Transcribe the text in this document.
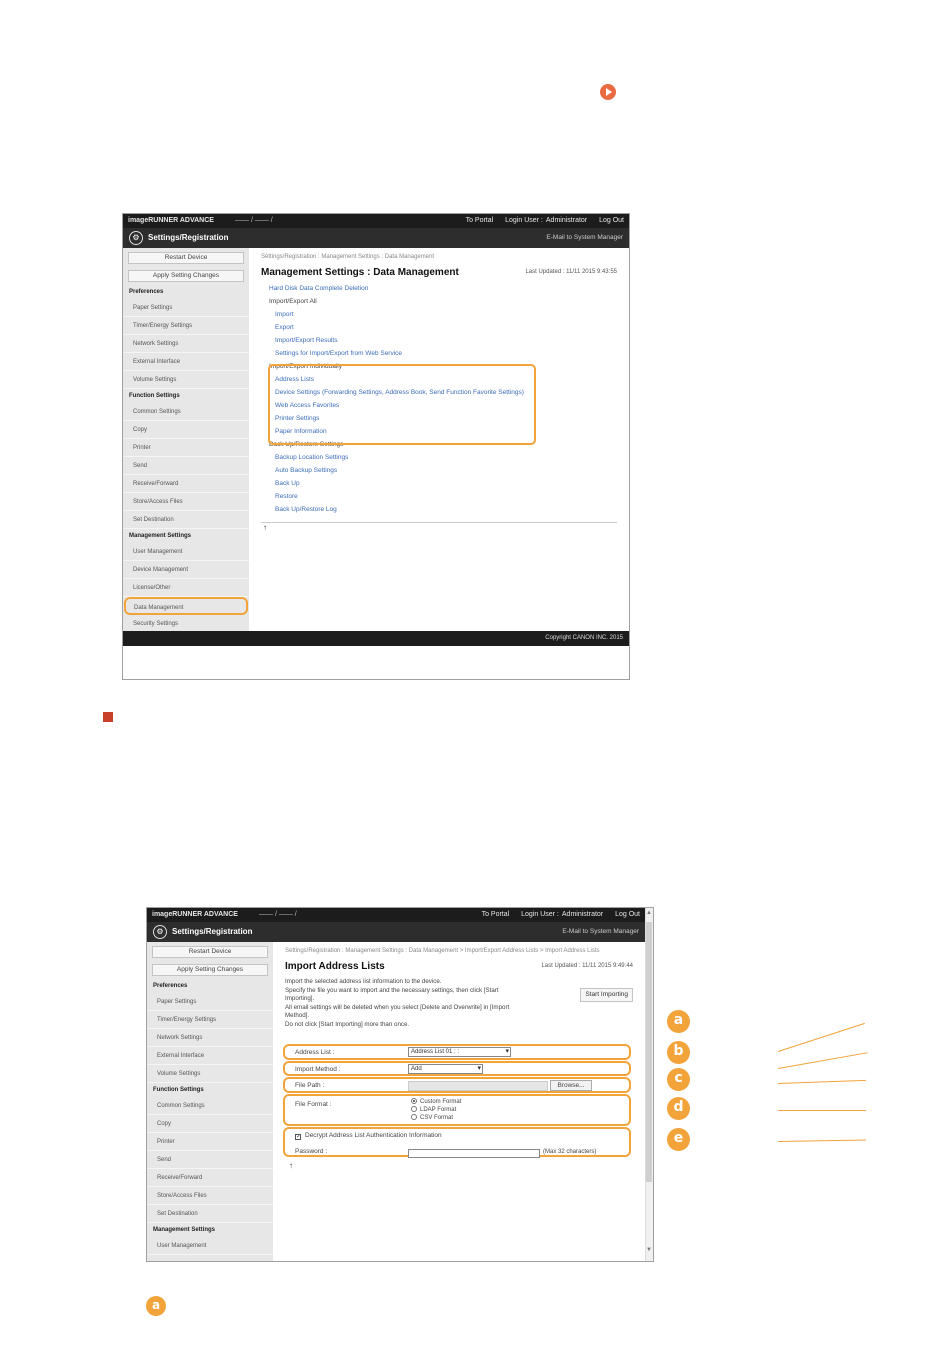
imageRUNNER ADVANCE	—— / —— /	To Portal Login User : Administrator Log Out
⚙	Settings/Registration	E-Mail to System Manager
Restart Device
Apply Setting Changes
Preferences
Paper Settings
Timer/Energy Settings
Network Settings
External Interface
Volume Settings
Function Settings
Common Settings
Copy
Printer
Send
Receive/Forward
Store/Access Files
Set Destination
Management Settings
User Management
Device Management
License/Other
Data Management
Security Settings
Settings/Registration : Management Settings : Data Management
Management Settings : Data Management	Last Updated : 11/11 2015 9:43:55
Hard Disk Data Complete Deletion
Import/Export All
Import
Export
Import/Export Results
Settings for Import/Export from Web Service
Import/Export Individually
Address Lists
Device Settings (Forwarding Settings, Address Book, Send Function Favorite Settings)
Web Access Favorites
Printer Settings
Paper Information
Back Up/Restore Settings
Backup Location Settings
Auto Backup Settings
Back Up
Restore
Back Up/Restore Log
↑
Copyright CANON INC. 2015
imageRUNNER ADVANCE	—— / —— /	To Portal Login User : Administrator Log Out
⚙	Settings/Registration	E-Mail to System Manager
Restart Device
Apply Setting Changes
Preferences
Paper Settings
Timer/Energy Settings
Network Settings
External Interface
Volume Settings
Function Settings
Common Settings
Copy
Printer
Send
Receive/Forward
Store/Access Files
Set Destination
Management Settings
User Management
Settings/Registration : Management Settings : Data Management > Import/Export Address Lists > Import Address Lists
Import Address Lists	Last Updated : 11/11 2015 9:49:44
Import the selected address list information to the device.
Specify the file you want to import and the necessary settings, then click [Start Importing].
All email settings will be deleted when you select [Delete and Overwrite] in [Import Method].
Do not click [Start Importing] more than once.
Start Importing
Address List :	Address List 01 : : ▾
Import Method :	Add ▾
File Path :	Browse...
File Format :	Custom Format
LDAP Format
CSV Format
✓ Decrypt Address List Authentication Information
Password :	(Max 32 characters)
↑
▲
▼
a
b
c
d
e
a
